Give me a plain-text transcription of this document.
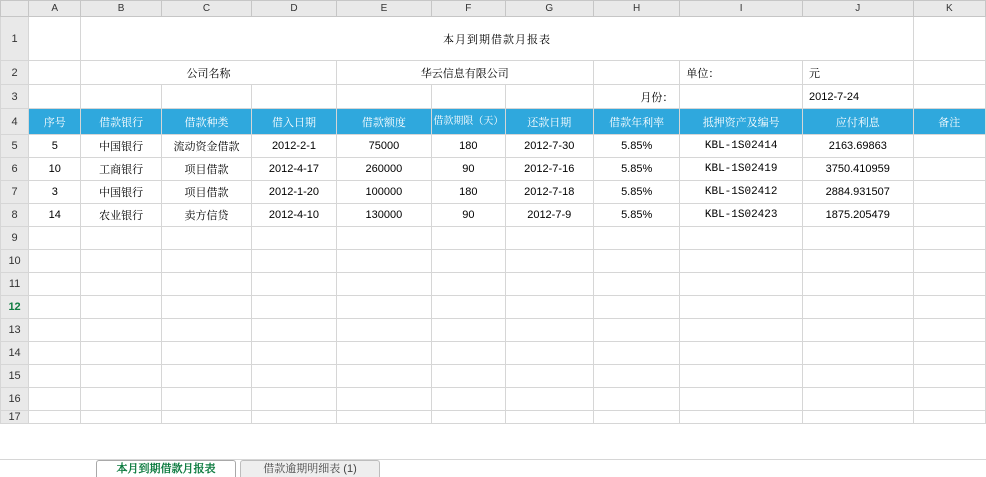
	A	B	C	D	E	F	G	H	I	J	K
1		本月到期借款月报表									
2		公司名称			华云信息有限公司				单位：	元	
3								月份：		2012-7-24	
4	序号	借款银行	借款种类	借入日期	借款额度	借款期限（天）	还款日期	借款年利率	抵押资产及编号	应付利息	备注
5	5	中国银行	流动资金借款	2012-2-1	75000	180	2012-7-30	5.85%	KBL-1S02414	2163.69863	
6	10	工商银行	项目借款	2012-4-17	260000	90	2012-7-16	5.85%	KBL-1S02419	3750.410959	
7	3	中国银行	项目借款	2012-1-20	100000	180	2012-7-18	5.85%	KBL-1S02412	2884.931507	
8	14	农业银行	卖方信贷	2012-4-10	130000	90	2012-7-9	5.85%	KBL-1S02423	1875.205479	
9											
10											
11											
12											
13											
14											
15											
16											
17											
本月到期借款月报表	借款逾期明细表 (1)
